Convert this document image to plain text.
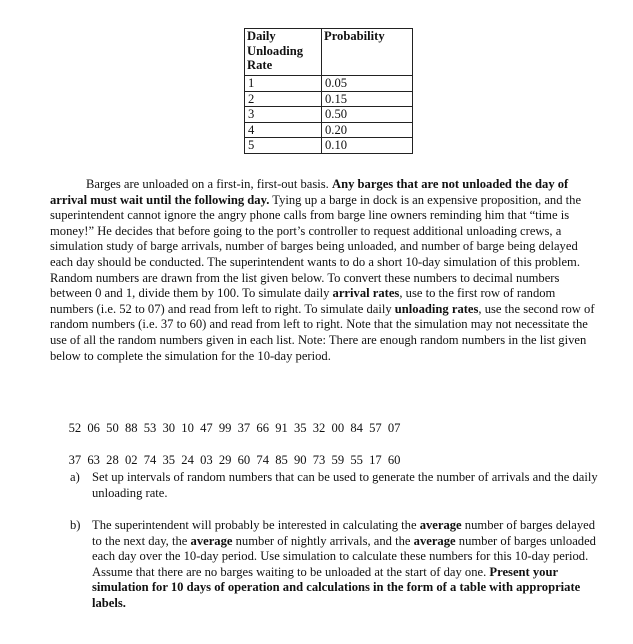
Daily Unloading Rate	Probability
1	0.05
2	0.15
3	0.50
4	0.20
5	0.10

Barges are unloaded on a first-in, first-out basis. Any barges that are not unloaded the day of arrival must wait until the following day. Tying up a barge in dock is an expensive proposition, and the superintendent cannot ignore the angry phone calls from barge line owners reminding him that “time is money!” He decides that before going to the port’s controller to request additional unloading crews, a simulation study of barge arrivals, number of barges being unloaded, and number of barge being delayed each day should be conducted. The superintendent wants to do a short 10-day simulation of this problem. Random numbers are drawn from the list given below. To convert these numbers to decimal numbers between 0 and 1, divide them by 100. To simulate daily arrival rates, use to the first row of random numbers (i.e. 52 to 07) and read from left to right. To simulate daily unloading rates, use the second row of random numbers (i.e. 37 to 60) and read from left to right. Note that the simulation may not necessitate the use of all the random numbers given in each list. Note: There are enough random numbers in the list given below to complete the simulation for the 10-day period.

52 06 50 88 53 30 10 47 99 37 66 91 35 32 00 84 57 07

37 63 28 02 74 35 24 03 29 60 74 85 90 73 59 55 17 60

a) Set up intervals of random numbers that can be used to generate the number of arrivals and the daily unloading rate.
b) The superintendent will probably be interested in calculating the average number of barges delayed to the next day, the average number of nightly arrivals, and the average number of barges unloaded each day over the 10-day period. Use simulation to calculate these numbers for this 10-day period. Assume that there are no barges waiting to be unloaded at the start of day one. Present your simulation for 10 days of operation and calculations in the form of a table with appropriate labels.
